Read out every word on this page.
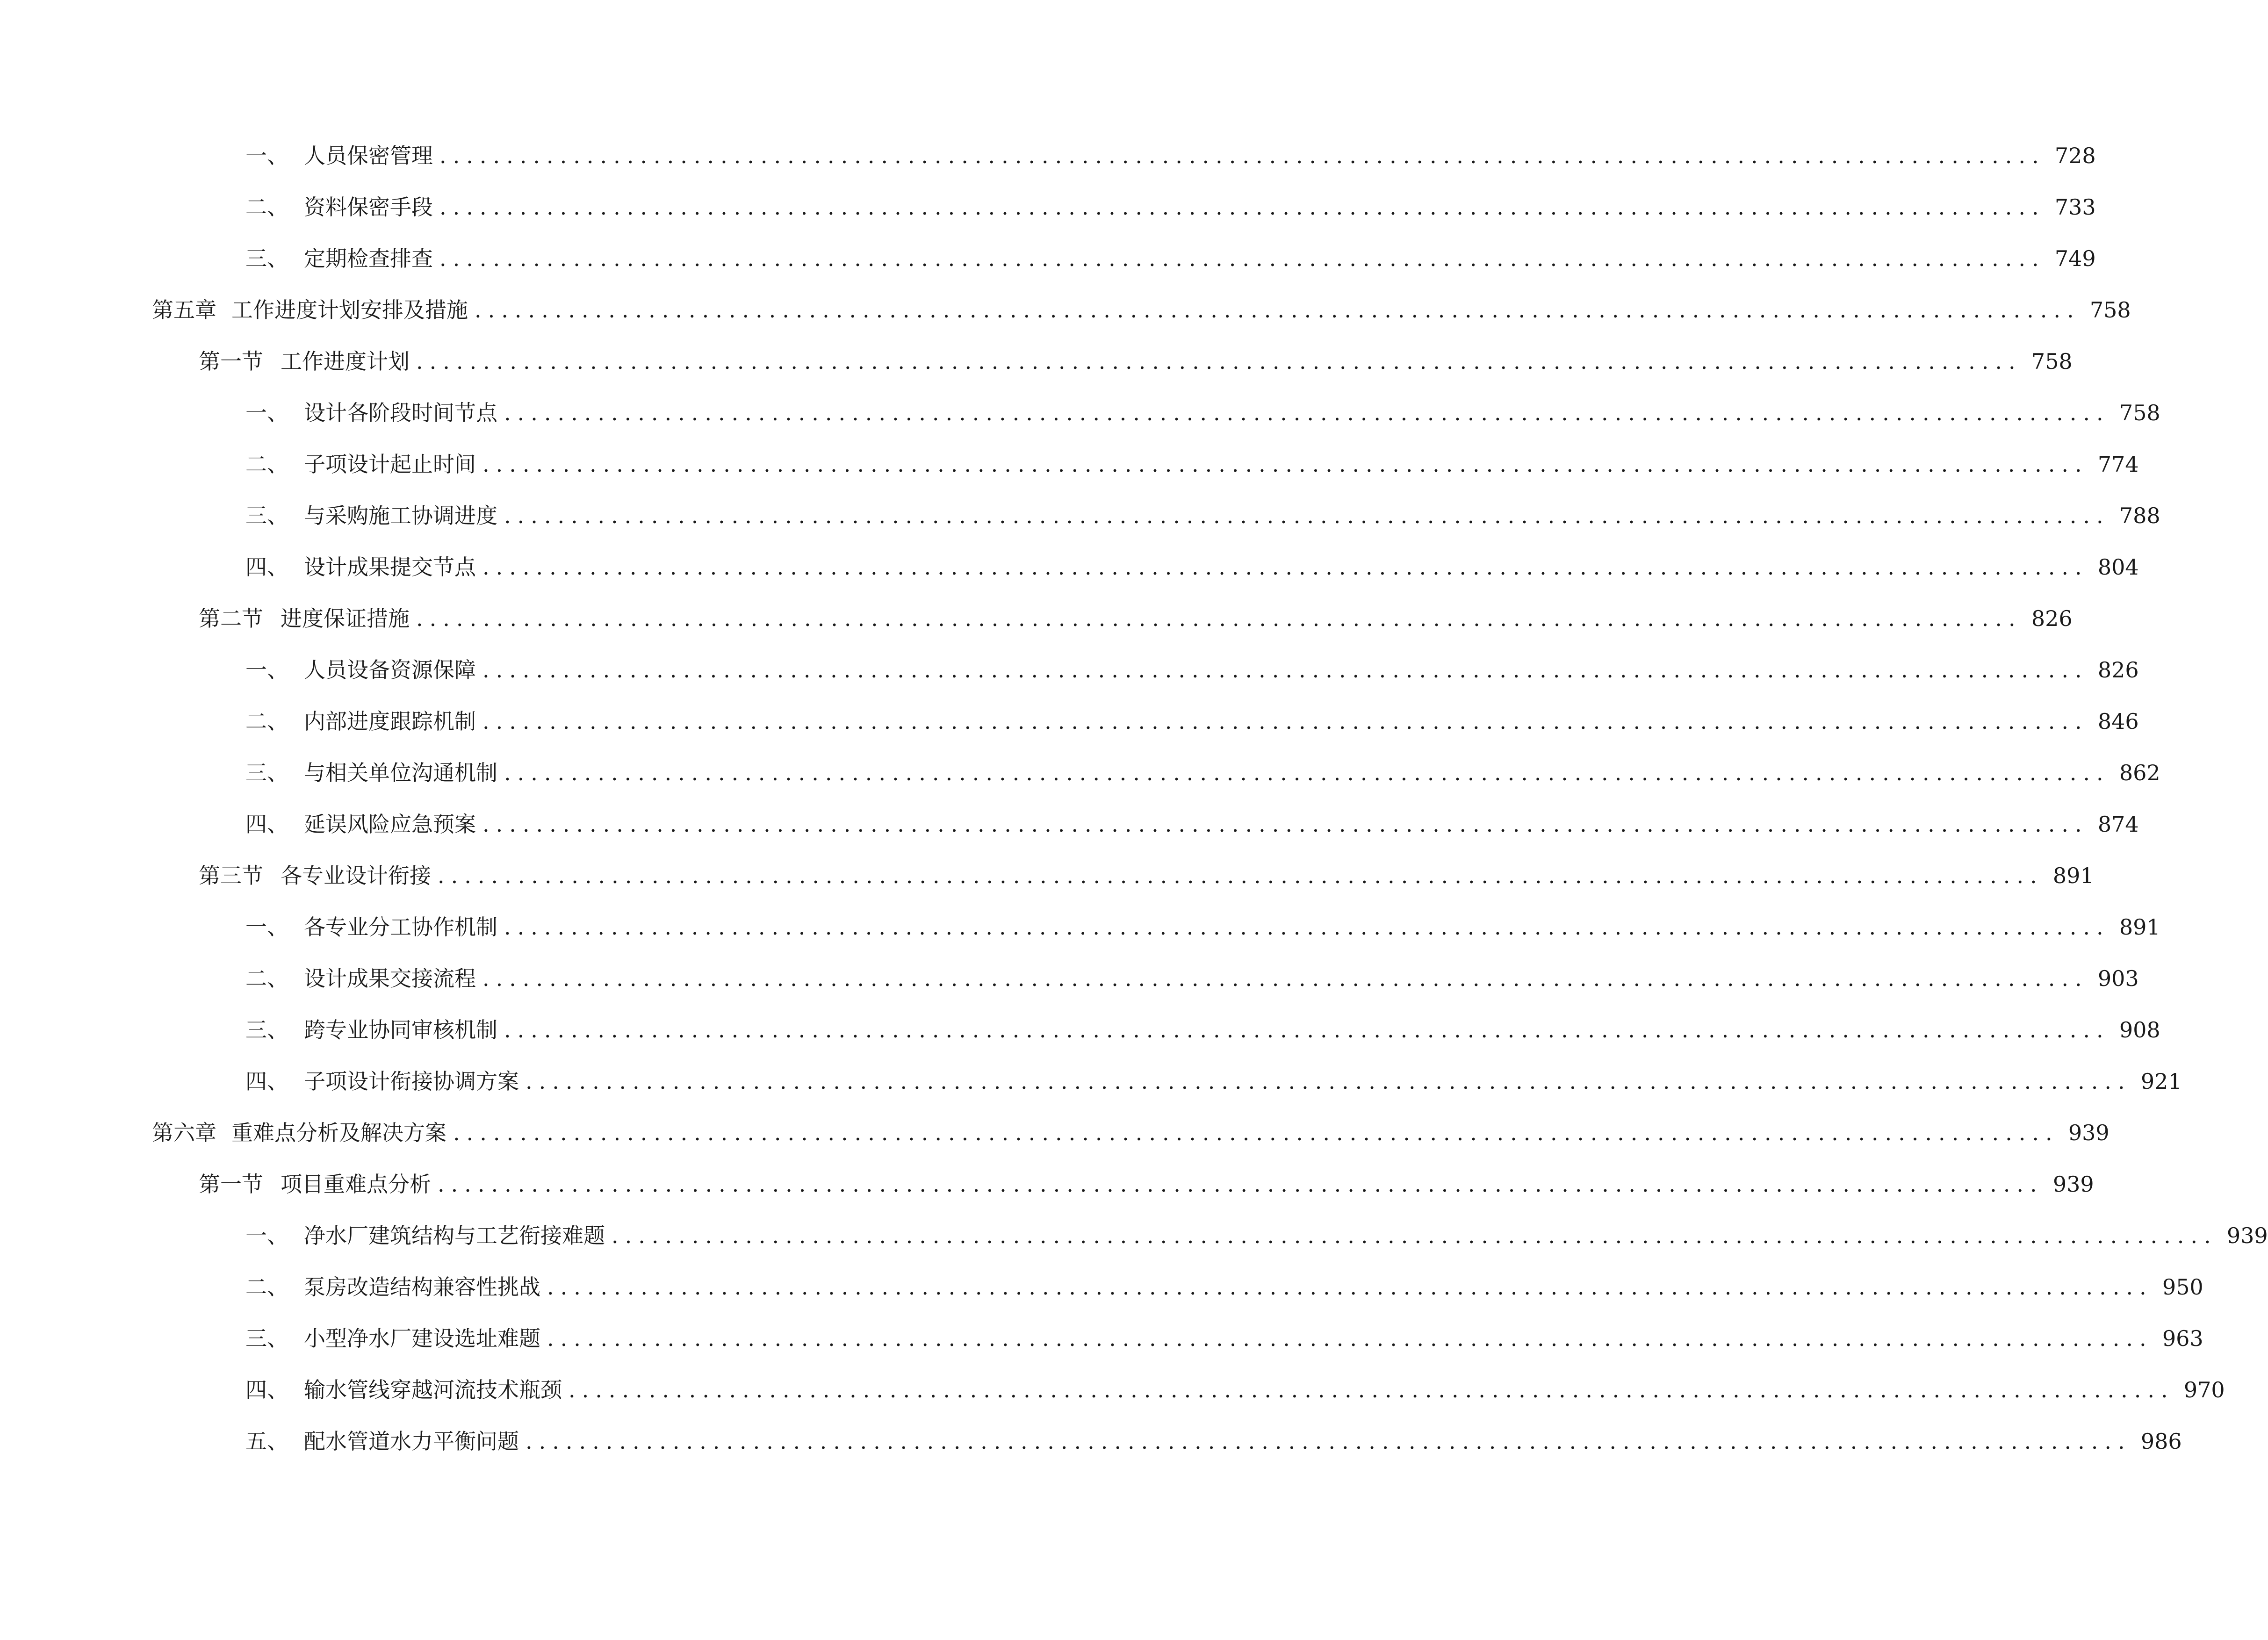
一、 人员保密管理 ........................................................................................................................ 728
二、 资料保密手段 ........................................................................................................................ 733
三、 定期检查排查 ........................................................................................................................ 749
第五章 工作进度计划安排及措施 ........................................................................................................................ 758
第一节 工作进度计划 ........................................................................................................................ 758
一、 设计各阶段时间节点 ........................................................................................................................ 758
二、 子项设计起止时间 ........................................................................................................................ 774
三、 与采购施工协调进度 ........................................................................................................................ 788
四、 设计成果提交节点 ........................................................................................................................ 804
第二节 进度保证措施 ........................................................................................................................ 826
一、 人员设备资源保障 ........................................................................................................................ 826
二、 内部进度跟踪机制 ........................................................................................................................ 846
三、 与相关单位沟通机制 ........................................................................................................................ 862
四、 延误风险应急预案 ........................................................................................................................ 874
第三节 各专业设计衔接 ........................................................................................................................ 891
一、 各专业分工协作机制 ........................................................................................................................ 891
二、 设计成果交接流程 ........................................................................................................................ 903
三、 跨专业协同审核机制 ........................................................................................................................ 908
四、 子项设计衔接协调方案 ........................................................................................................................ 921
第六章 重难点分析及解决方案 ........................................................................................................................ 939
第一节 项目重难点分析 ........................................................................................................................ 939
一、 净水厂建筑结构与工艺衔接难题 ........................................................................................................................ 939
二、 泵房改造结构兼容性挑战 ........................................................................................................................ 950
三、 小型净水厂建设选址难题 ........................................................................................................................ 963
四、 输水管线穿越河流技术瓶颈 ........................................................................................................................ 970
五、 配水管道水力平衡问题 ........................................................................................................................ 986
